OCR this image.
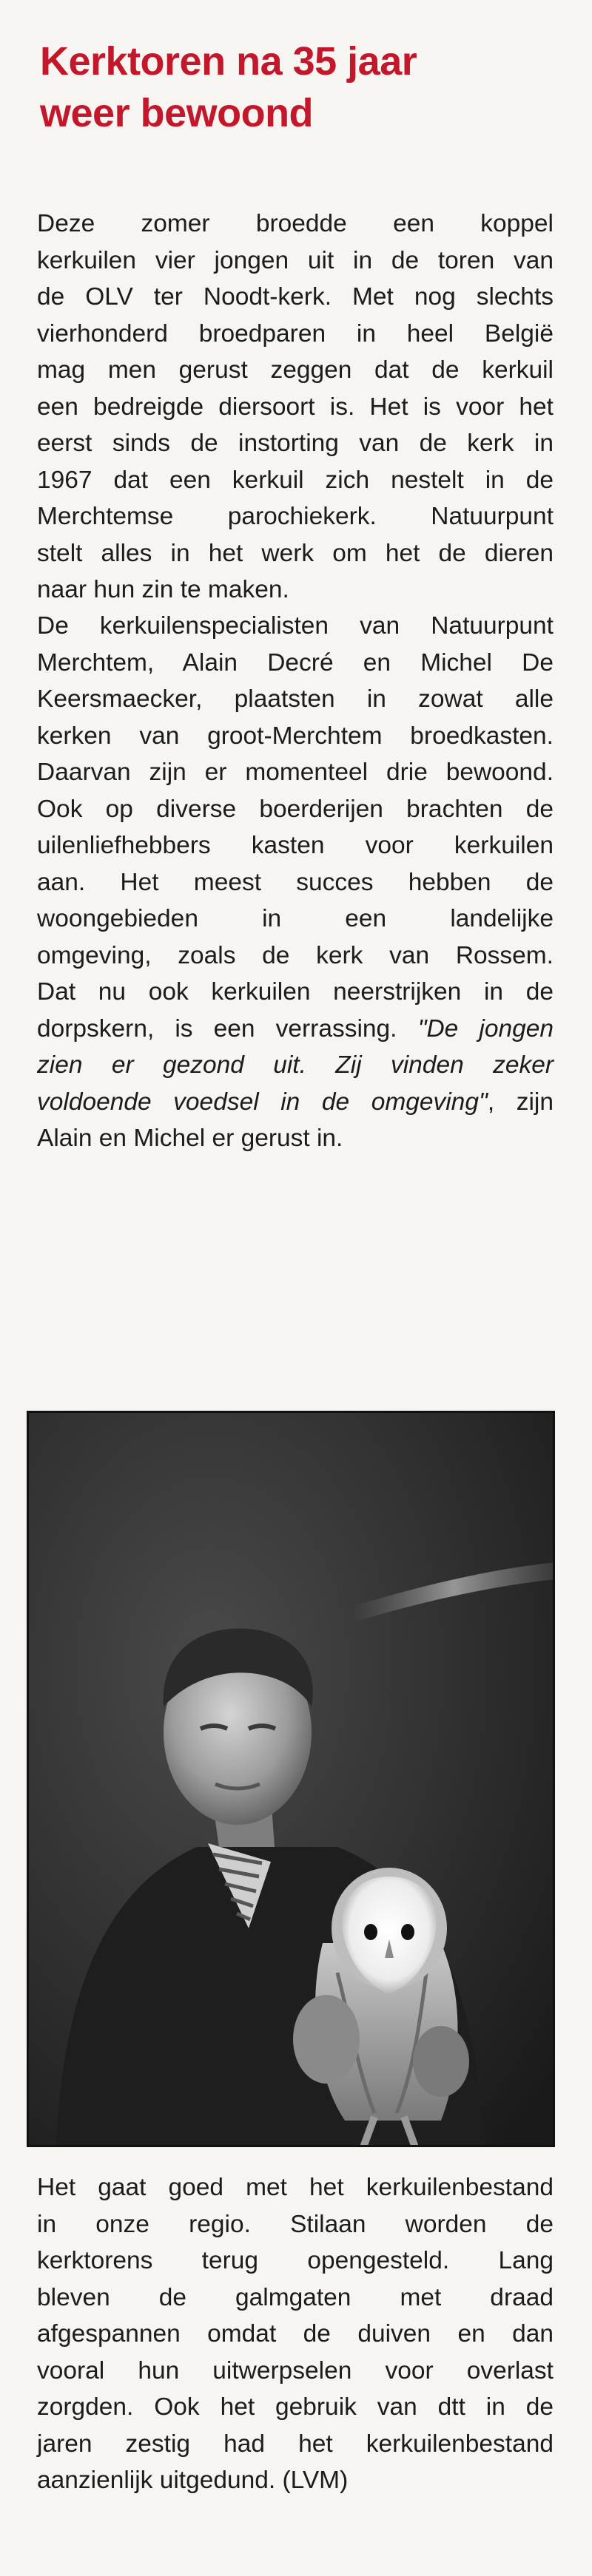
Kerktoren na 35 jaar
weer bewoond
Deze zomer broedde een koppel
kerkuilen vier jongen uit in de toren van
de OLV ter Noodt-kerk. Met nog slechts
vierhonderd broedparen in heel België
mag men gerust zeggen dat de kerkuil
een bedreigde diersoort is. Het is voor het
eerst sinds de instorting van de kerk in
1967 dat een kerkuil zich nestelt in de
Merchtemse parochiekerk. Natuurpunt
stelt alles in het werk om het de dieren
naar hun zin te maken.
De kerkuilenspecialisten van Natuurpunt
Merchtem, Alain Decré en Michel De
Keersmaecker, plaatsten in zowat alle
kerken van groot-Merchtem broedkasten.
Daarvan zijn er momenteel drie bewoond.
Ook op diverse boerderijen brachten de
uilenliefhebbers kasten voor kerkuilen
aan. Het meest succes hebben de
woongebieden in een landelijke
omgeving, zoals de kerk van Rossem.
Dat nu ook kerkuilen neerstrijken in de
dorpskern, is een verrassing. "De jongen
zien er gezond uit. Zij vinden zeker
voldoende voedsel in de omgeving", zijn
Alain en Michel er gerust in.
Het gaat goed met het kerkuilenbestand
in onze regio. Stilaan worden de
kerktorens terug opengesteld. Lang
bleven de galmgaten met draad
afgespannen omdat de duiven en dan
vooral hun uitwerpselen voor overlast
zorgden. Ook het gebruik van dtt in de
jaren zestig had het kerkuilenbestand
aanzienlijk uitgedund. (LVM)
